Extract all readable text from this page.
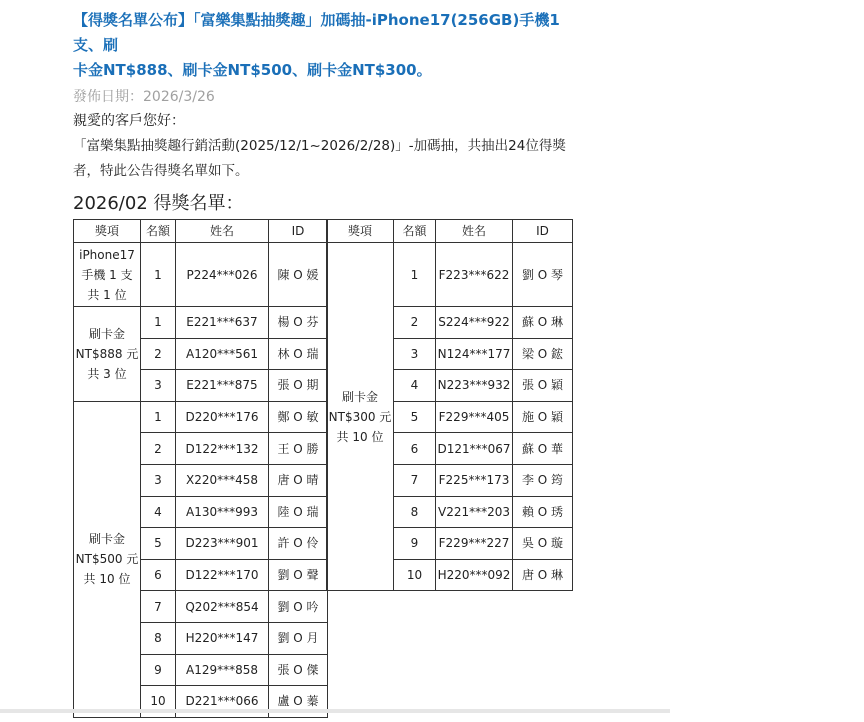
【得獎名單公布】「富樂集點抽獎趣」加碼抽-iPhone17(256GB)手機1支、刷
卡金NT$888、刷卡金NT$500、刷卡金NT$300。
發佈日期：2026/3/26
親愛的客戶您好：
「富樂集點抽獎趣行銷活動(2025/12/1~2026/2/28)」-加碼抽，共抽出24位得獎
者，特此公告得獎名單如下。
2026/02 得獎名單：
獎項	名額	姓名	ID

iPhone17
手機 1 支
共 1 位	1	P224***026	陳 O 媛

刷卡金
NT$888 元
共 3 位	1	E221***637	楊 O 芬
	2	A120***561	林 O 瑞
	3	E221***875	張 O 期

刷卡金
NT$500 元
共 10 位	1	D220***176	鄭 O 敏
	2	D122***132	王 O 勝
	3	X220***458	唐 O 晴
	4	A130***993	陸 O 瑞
	5	D223***901	許 O 伶
	6	D122***170	劉 O 聲
	7	Q202***854	劉 O 吟
	8	H220***147	劉 O 月
	9	A129***858	張 O 傑
	10	D221***066	盧 O 蓁
獎項	名額	姓名	ID

刷卡金
NT$300 元
共 10 位	1	F223***622	劉 O 琴
	2	S224***922	蘇 O 琳
	3	N124***177	梁 O 鋐
	4	N223***932	張 O 穎
	5	F229***405	施 O 穎
	6	D121***067	蘇 O 華
	7	F225***173	李 O 筠
	8	V221***203	賴 O 琇
	9	F229***227	吳 O 璇
	10	H220***092	唐 O 琳
